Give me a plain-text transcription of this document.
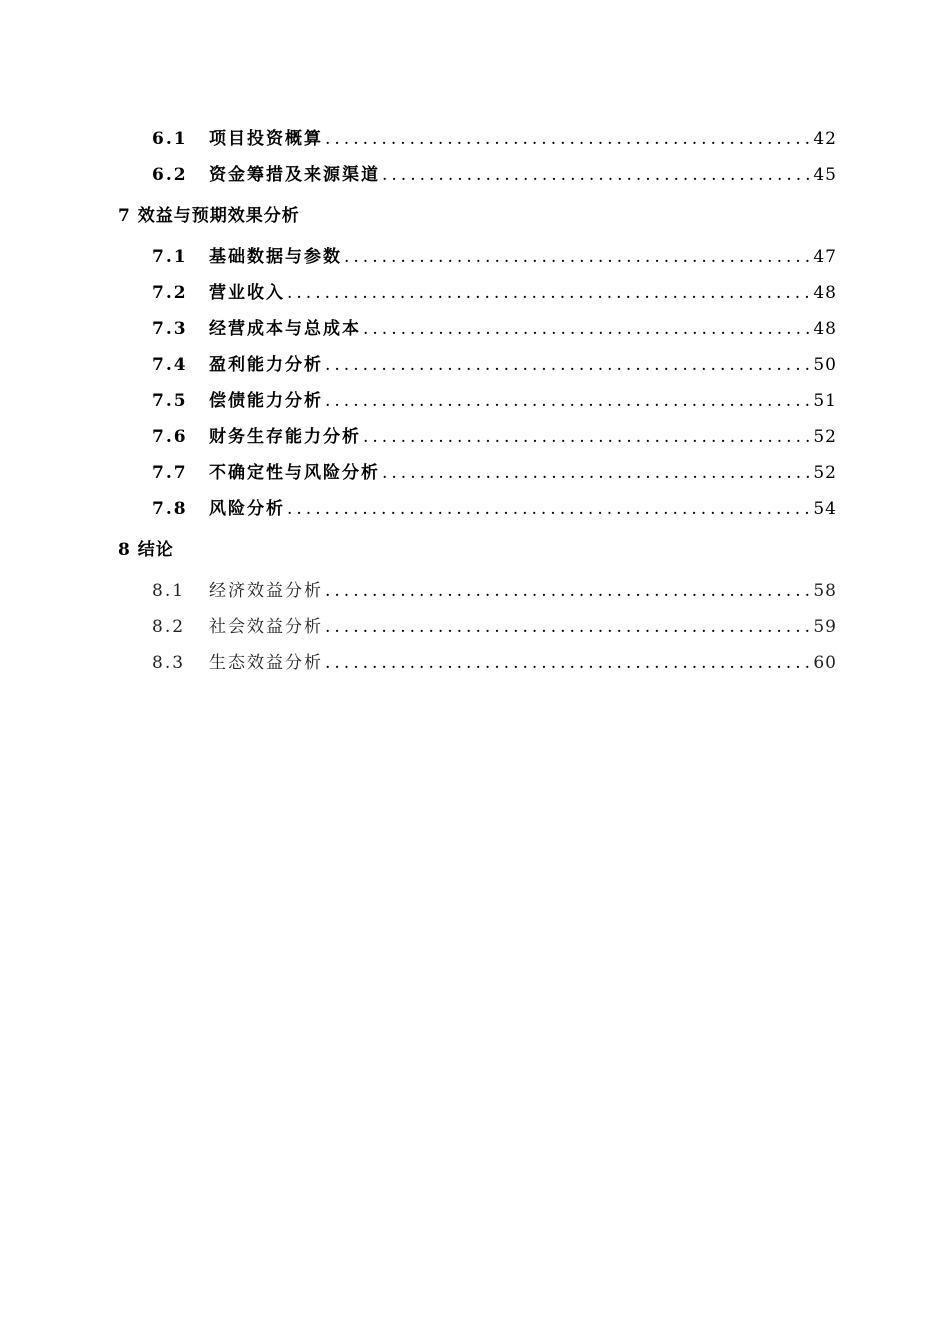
6.1	项目投资概算 .....	42
6.2	资金筹措及来源渠道 .....	45
7 效益与预期效果分析
7.1	基础数据与参数 .....	47
7.2	营业收入 .....	48
7.3	经营成本与总成本 .....	48
7.4	盈利能力分析 .....	50
7.5	偿债能力分析 .....	51
7.6	财务生存能力分析 .....	52
7.7	不确定性与风险分析 .....	52
7.8	风险分析 .....	54
8 结论
8.1	经济效益分析 .....	58
8.2	社会效益分析 .....	59
8.3	生态效益分析 .....	60
